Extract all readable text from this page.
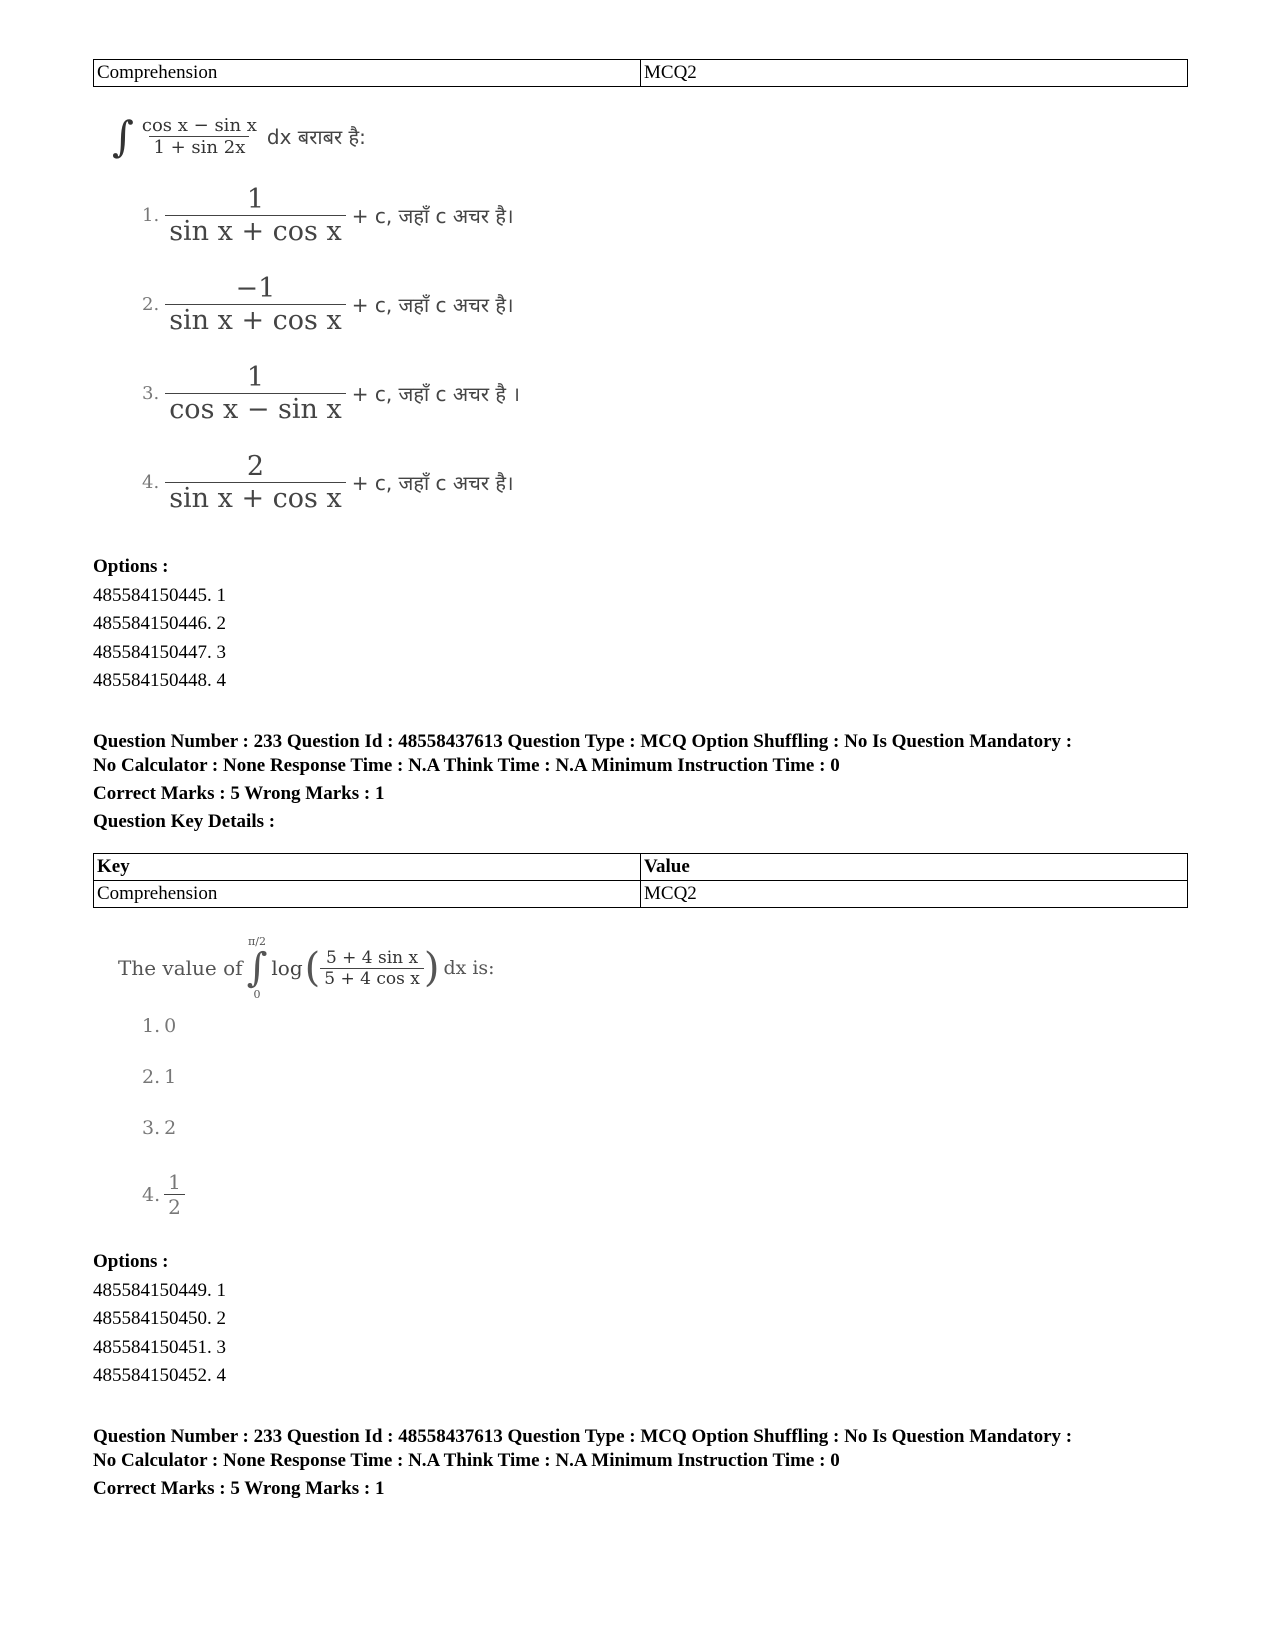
Comprehension	MCQ2
∫ $\frac{\text{cos x − sin x}}{1 + \sin 2x}$ dx बराबर है:
1. $\frac{1}{\text{sin x + cos x}} + c$, जहाँ c अचर है।
2. $\frac{-1}{\text{sin x + cos x}} + c$, जहाँ c अचर है।
3. $\frac{1}{\text{cos x − sin x}} + c$, जहाँ c अचर है ।
4. $\frac{2}{\text{sin x + cos x}} + c$, जहाँ c अचर है।
Options :
485584150445. 1
485584150446. 2
485584150447. 3
485584150448. 4

Question Number : 233 Question Id : 48558437613 Question Type : MCQ Option Shuffling : No Is Question Mandatory :

No Calculator : None Response Time : N.A Think Time : N.A Minimum Instruction Time : 0

Correct Marks : 5 Wrong Marks : 1

Question Key Details :

Key	Value
Comprehension	MCQ2
The value of
π/2
∫
0
log ( $\frac{\text{5 + 4 sin x}}{\text{5 + 4 cos x}}$ ) dx is:
1. 0
2. 1
3. 2
4. $\frac{1}{2}$
Options :
485584150449. 1
485584150450. 2
485584150451. 3
485584150452. 4

Question Number : 233 Question Id : 48558437613 Question Type : MCQ Option Shuffling : No Is Question Mandatory :

No Calculator : None Response Time : N.A Think Time : N.A Minimum Instruction Time : 0

Correct Marks : 5 Wrong Marks : 1
